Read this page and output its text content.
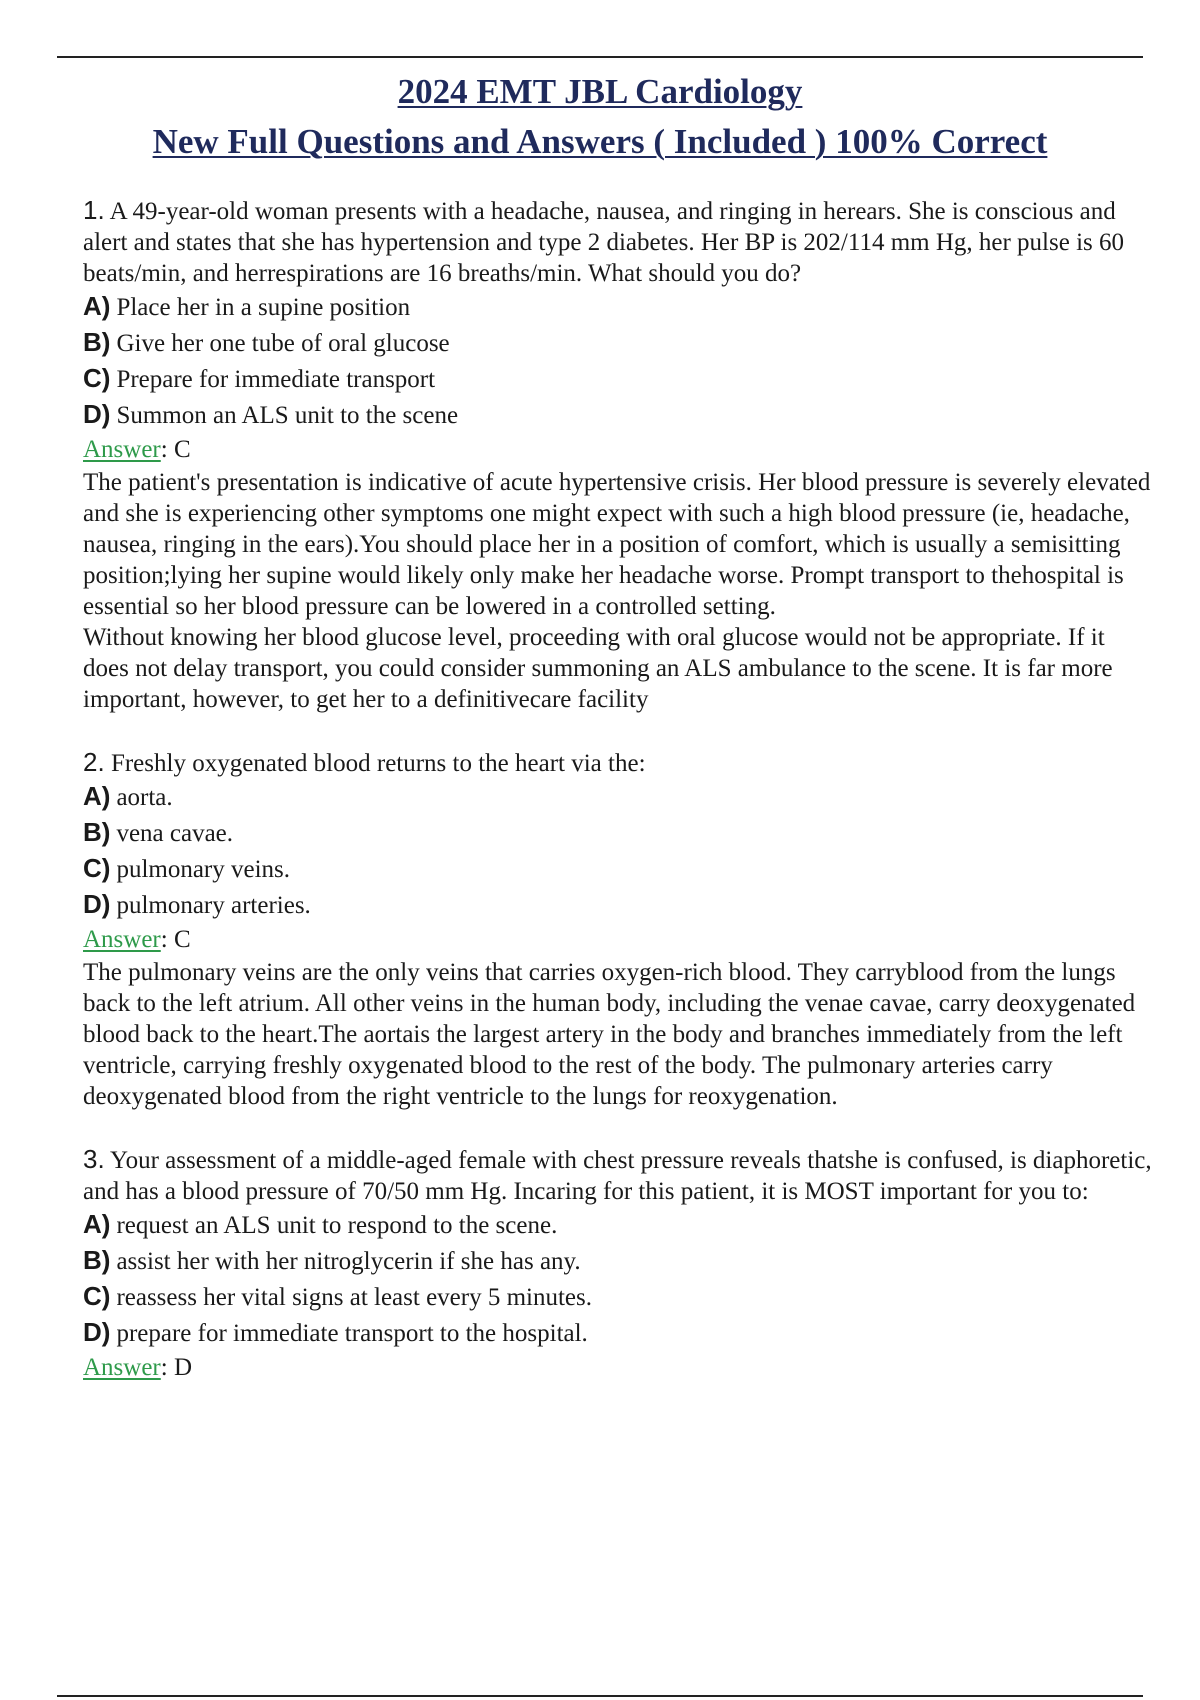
2024 EMT JBL Cardiology
New Full Questions and Answers ( Included ) 100% Correct

1. A 49-year-old woman presents with a headache, nausea, and ringing in herears. She is conscious and alert and states that she has hypertension and type 2 diabetes. Her BP is 202/114 mm Hg, her pulse is 60 beats/min, and herrespirations are 16 breaths/min. What should you do?

A) Place her in a supine position

B) Give her one tube of oral glucose

C) Prepare for immediate transport

D) Summon an ALS unit to the scene

Answer: C

The patient's presentation is indicative of acute hypertensive crisis. Her blood pressure is severely elevated and she is experiencing other symptoms one might expect with such a high blood pressure (ie, headache, nausea, ringing in the ears).You should place her in a position of comfort, which is usually a semisitting position;lying her supine would likely only make her headache worse. Prompt transport to thehospital is essential so her blood pressure can be lowered in a controlled setting.

Without knowing her blood glucose level, proceeding with oral glucose would not be appropriate. If it does not delay transport, you could consider summoning an ALS ambulance to the scene. It is far more important, however, to get her to a definitivecare facility

2. Freshly oxygenated blood returns to the heart via the:

A) aorta.

B) vena cavae.

C) pulmonary veins.

D) pulmonary arteries.

Answer: C

The pulmonary veins are the only veins that carries oxygen-rich blood. They carryblood from the lungs back to the left atrium. All other veins in the human body, including the venae cavae, carry deoxygenated blood back to the heart.The aortais the largest artery in the body and branches immediately from the left ventricle, carrying freshly oxygenated blood to the rest of the body. The pulmonary arteries carry deoxygenated blood from the right ventricle to the lungs for reoxygenation.

3. Your assessment of a middle-aged female with chest pressure reveals thatshe is confused, is diaphoretic, and has a blood pressure of 70/50 mm Hg. Incaring for this patient, it is MOST important for you to:

A) request an ALS unit to respond to the scene.

B) assist her with her nitroglycerin if she has any.

C) reassess her vital signs at least every 5 minutes.

D) prepare for immediate transport to the hospital.

Answer: D
